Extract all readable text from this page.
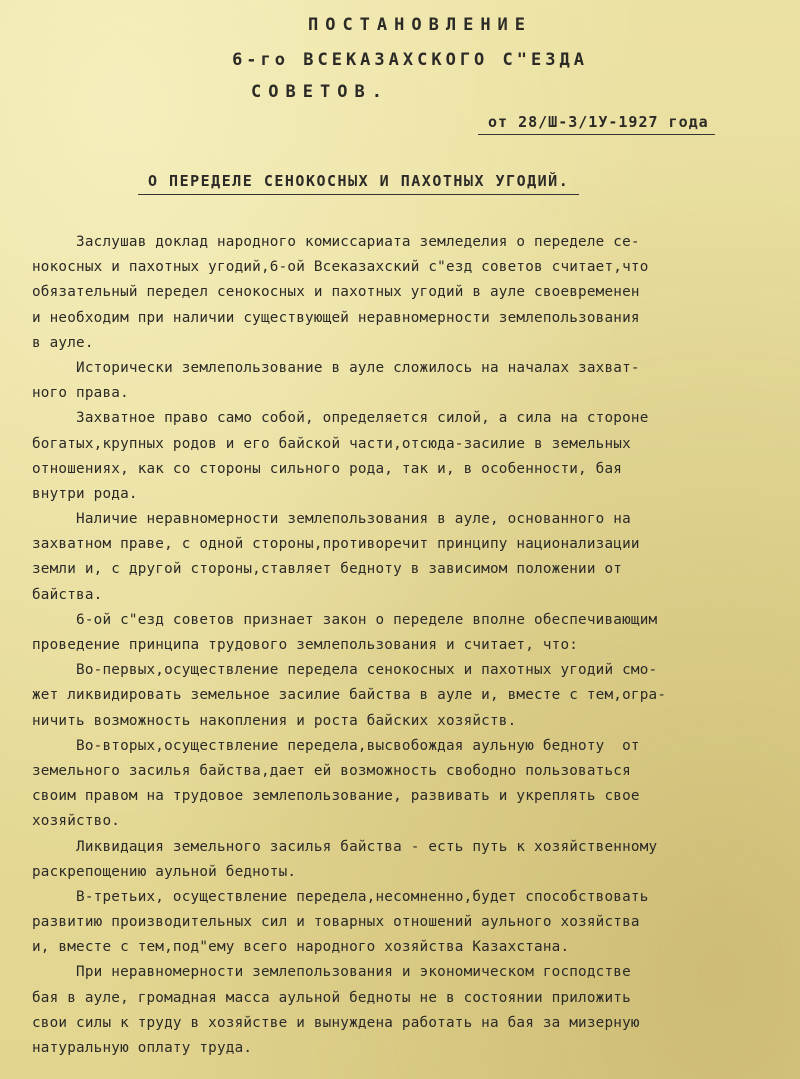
ПОСТАНОВЛЕНИЕ
6-го ВСЕКАЗАХСКОГО С"ЕЗДА
СОВЕТОВ.
от 28/Ш-3/1У-1927 года
О ПЕРЕДЕЛЕ СЕНОКОСНЫХ И ПАХОТНЫХ УГОДИЙ.
Заслушав доклад народного комиссариата земледелия о переделе се-
нокосных и пахотных угодий,6-ой Всеказахский с"езд советов считает,что
обязательный передел сенокосных и пахотных угодий в ауле своевременен
и необходим при наличии существующей неравномерности землепользования
в ауле.
Исторически землепользование в ауле сложилось на началах захват-
ного права.
Захватное право само собой, определяется силой, а сила на стороне
богатых,крупных родов и его байской части,отсюда-засилие в земельных
отношениях, как со стороны сильного рода, так и, в особенности, бая
внутри рода.
Наличие неравномерности землепользования в ауле, основанного на
захватном праве, с одной стороны,противоречит принципу национализации
земли и, с другой стороны,ставляет бедноту в зависимом положении от
байства.
6-ой с"езд советов признает закон о переделе вполне обеспечивающим
проведение принципа трудового землепользования и считает, что:
Во-первых,осуществление передела сенокосных и пахотных угодий смо-
жет ликвидировать земельное засилие байства в ауле и, вместе с тем,огра-
ничить возможность накопления и роста байских хозяйств.
Во-вторых,осуществление передела,высвобождая аульную бедноту  от
земельного засилья байства,дает ей возможность свободно пользоваться
своим правом на трудовое землепользование, развивать и укреплять свое
хозяйство.
Ликвидация земельного засилья байства - есть путь к хозяйственному
раскрепощению аульной бедноты.
В-третьих, осуществление передела,несомненно,будет способствовать
развитию производительных сил и товарных отношений аульного хозяйства
и, вместе с тем,под"ему всего народного хозяйства Казахстана.
При неравномерности землепользования и экономическом господстве
бая в ауле, громадная масса аульной бедноты не в состоянии приложить
свои силы к труду в хозяйстве и вынуждена работать на бая за мизерную
натуральную оплату труда.
